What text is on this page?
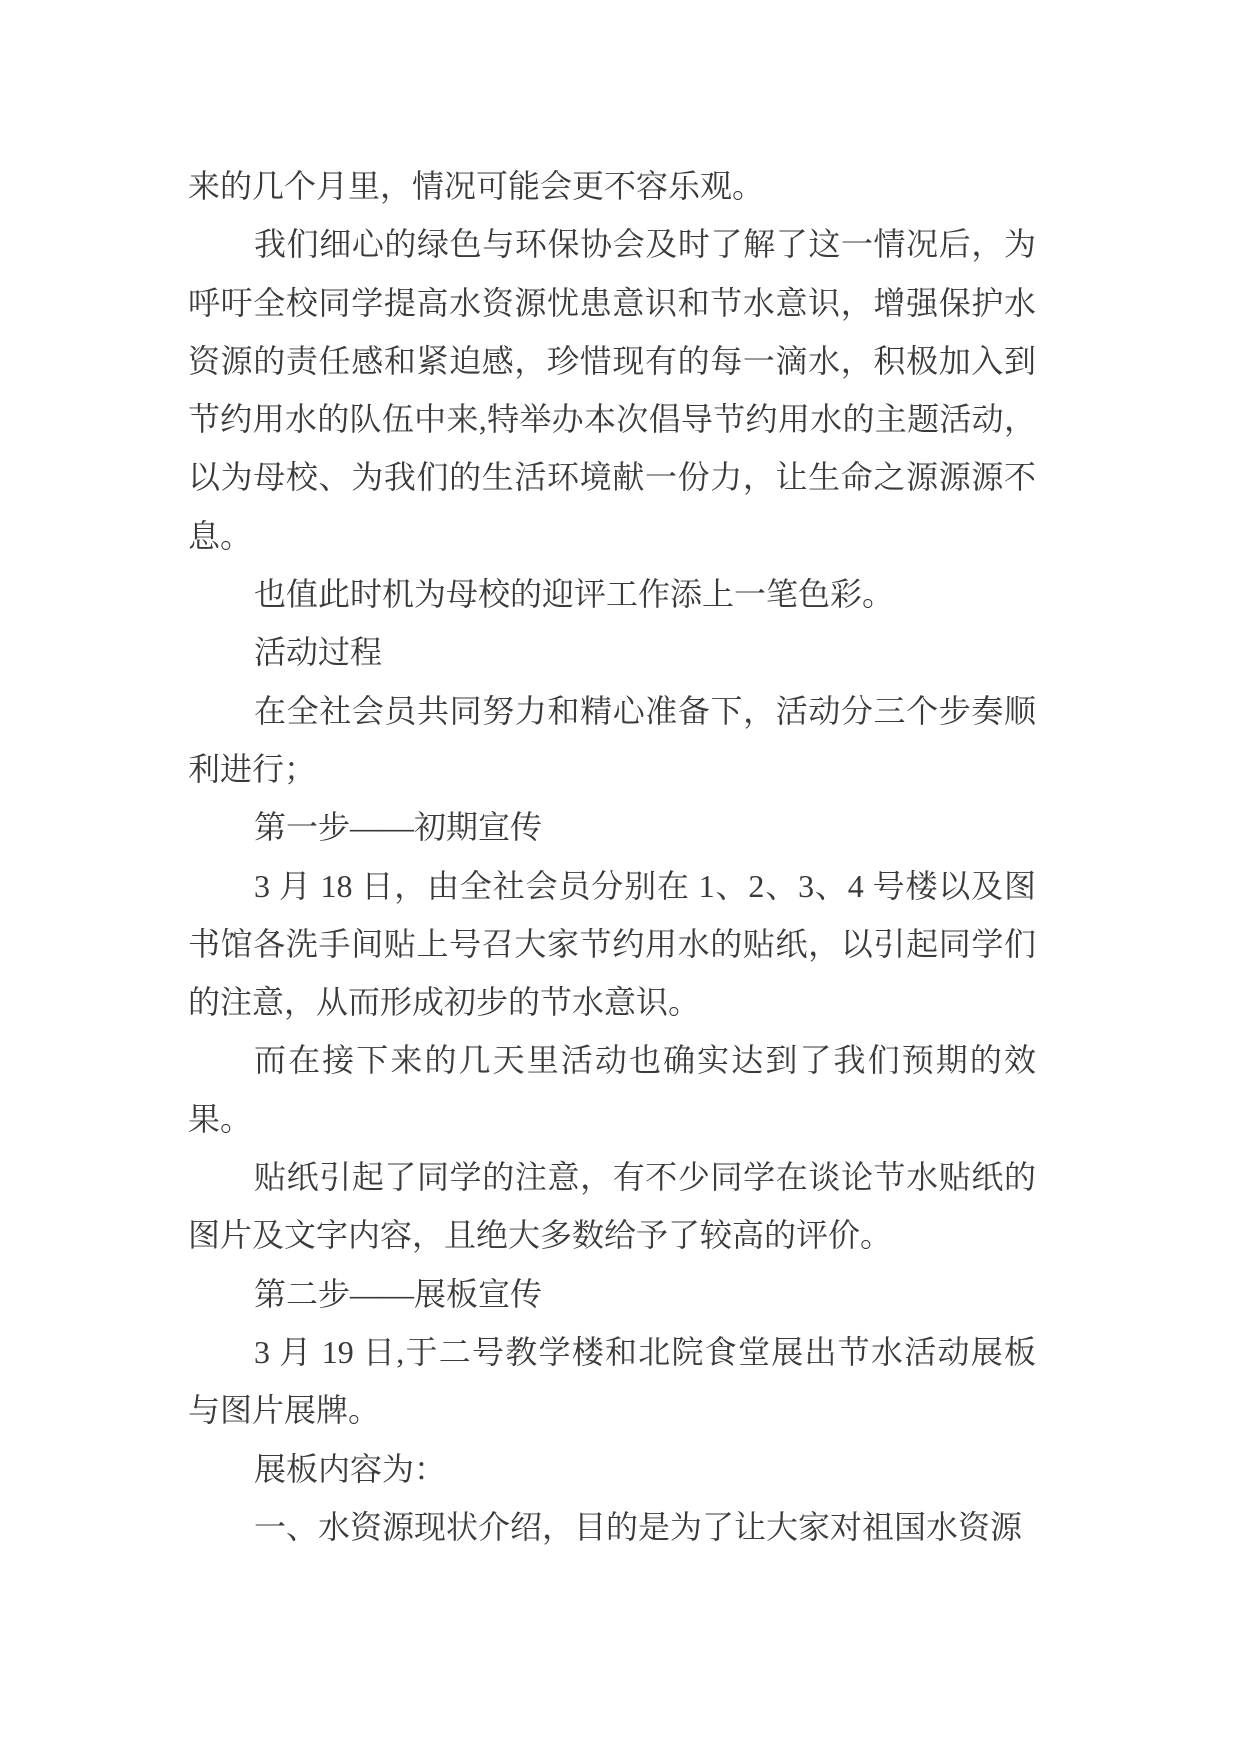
来的几个月里，情况可能会更不容乐观。

我们细心的绿色与环保协会及时了解了这一情况后，为呼吁全校同学提高水资源忧患意识和节水意识，增强保护水资源的责任感和紧迫感，珍惜现有的每一滴水，积极加入到节约用水的队伍中来,特举办本次倡导节约用水的主题活动，以为母校、为我们的生活环境献一份力，让生命之源源源不息。

也值此时机为母校的迎评工作添上一笔色彩。

活动过程

在全社会员共同努力和精心准备下，活动分三个步奏顺利进行；

第一步——初期宣传

3 月 18 日，由全社会员分别在 1、2、3、4 号楼以及图书馆各洗手间贴上号召大家节约用水的贴纸，以引起同学们的注意，从而形成初步的节水意识。

而在接下来的几天里活动也确实达到了我们预期的效果。

贴纸引起了同学的注意，有不少同学在谈论节水贴纸的图片及文字内容，且绝大多数给予了较高的评价。

第二步——展板宣传

3 月 19 日,于二号教学楼和北院食堂展出节水活动展板与图片展牌。

展板内容为：

一、水资源现状介绍，目的是为了让大家对祖国水资源
